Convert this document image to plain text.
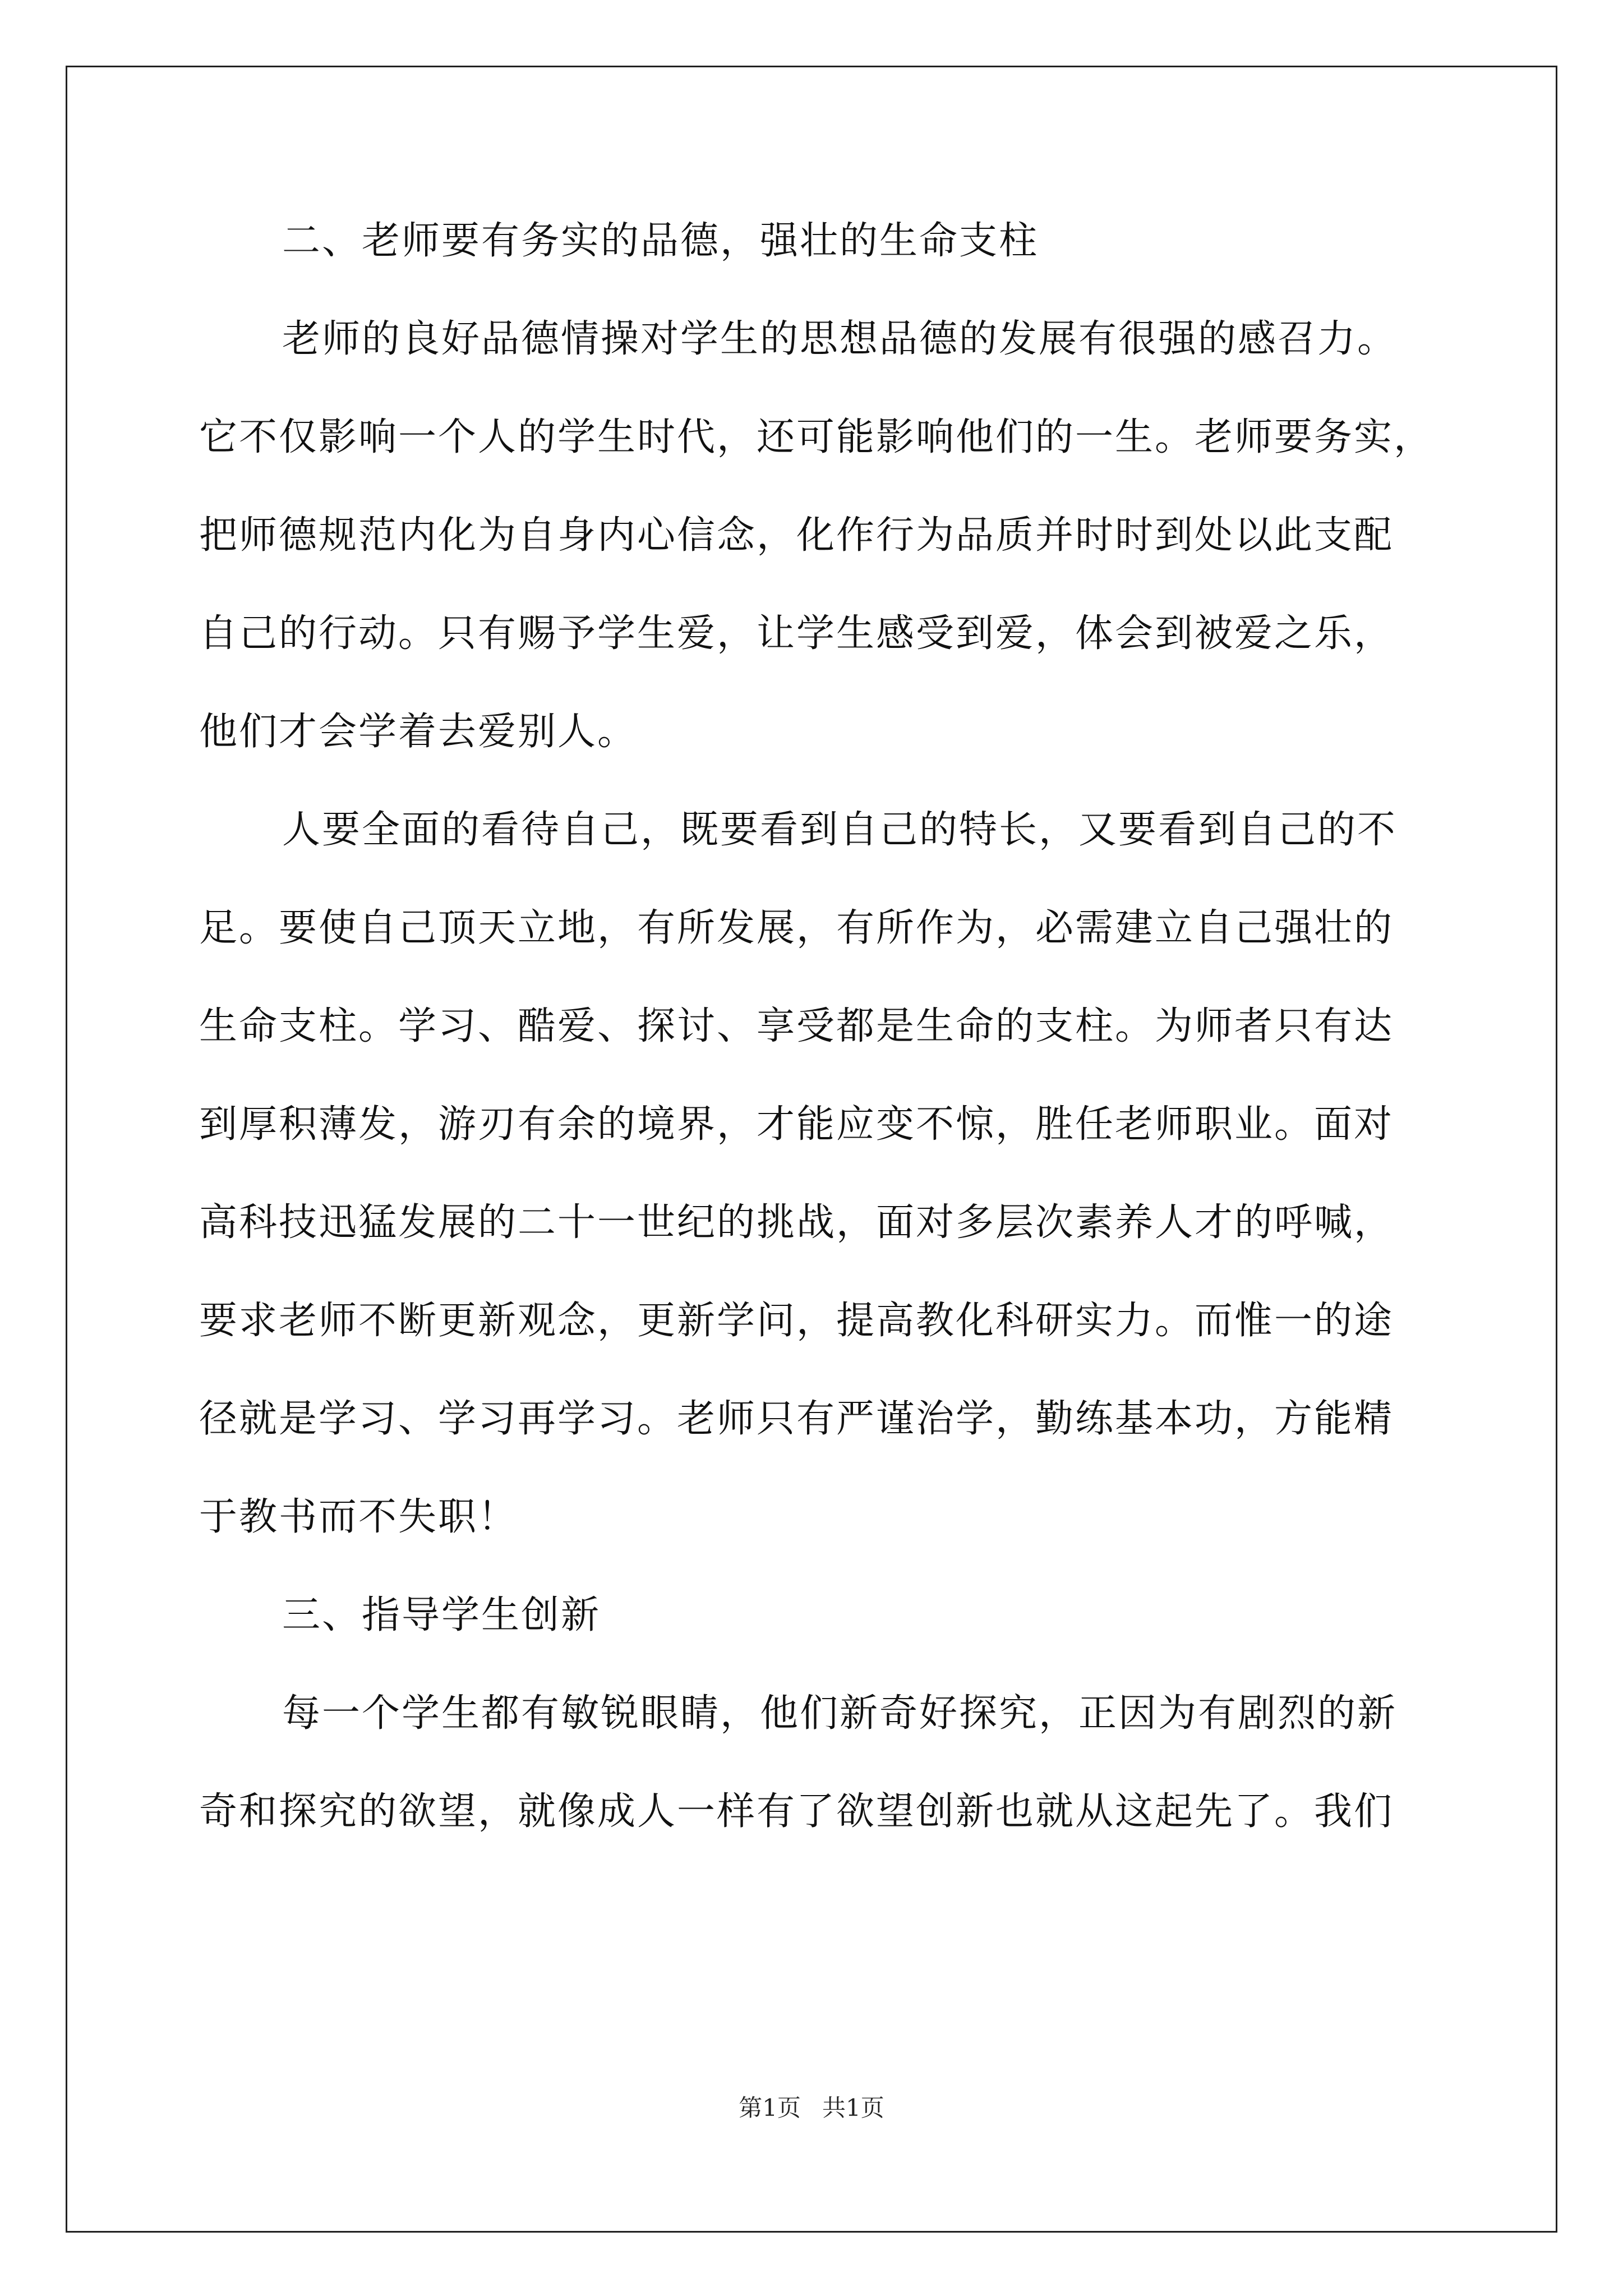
二、老师要有务实的品德，强壮的生命支柱
老师的良好品德情操对学生的思想品德的发展有很强的感召力。
它不仅影响一个人的学生时代，还可能影响他们的一生。老师要务实，
把师德规范内化为自身内心信念，化作行为品质并时时到处以此支配
自己的行动。只有赐予学生爱，让学生感受到爱，体会到被爱之乐，
他们才会学着去爱别人。
人要全面的看待自己，既要看到自己的特长，又要看到自己的不
足。要使自己顶天立地，有所发展，有所作为，必需建立自己强壮的
生命支柱。学习、酷爱、探讨、享受都是生命的支柱。为师者只有达
到厚积薄发，游刃有余的境界，才能应变不惊，胜任老师职业。面对
高科技迅猛发展的二十一世纪的挑战，面对多层次素养人才的呼喊，
要求老师不断更新观念，更新学问，提高教化科研实力。而惟一的途
径就是学习、学习再学习。老师只有严谨治学，勤练基本功，方能精
于教书而不失职！
三、指导学生创新
每一个学生都有敏锐眼睛，他们新奇好探究，正因为有剧烈的新
奇和探究的欲望，就像成人一样有了欲望创新也就从这起先了。我们
第1页 共1页
